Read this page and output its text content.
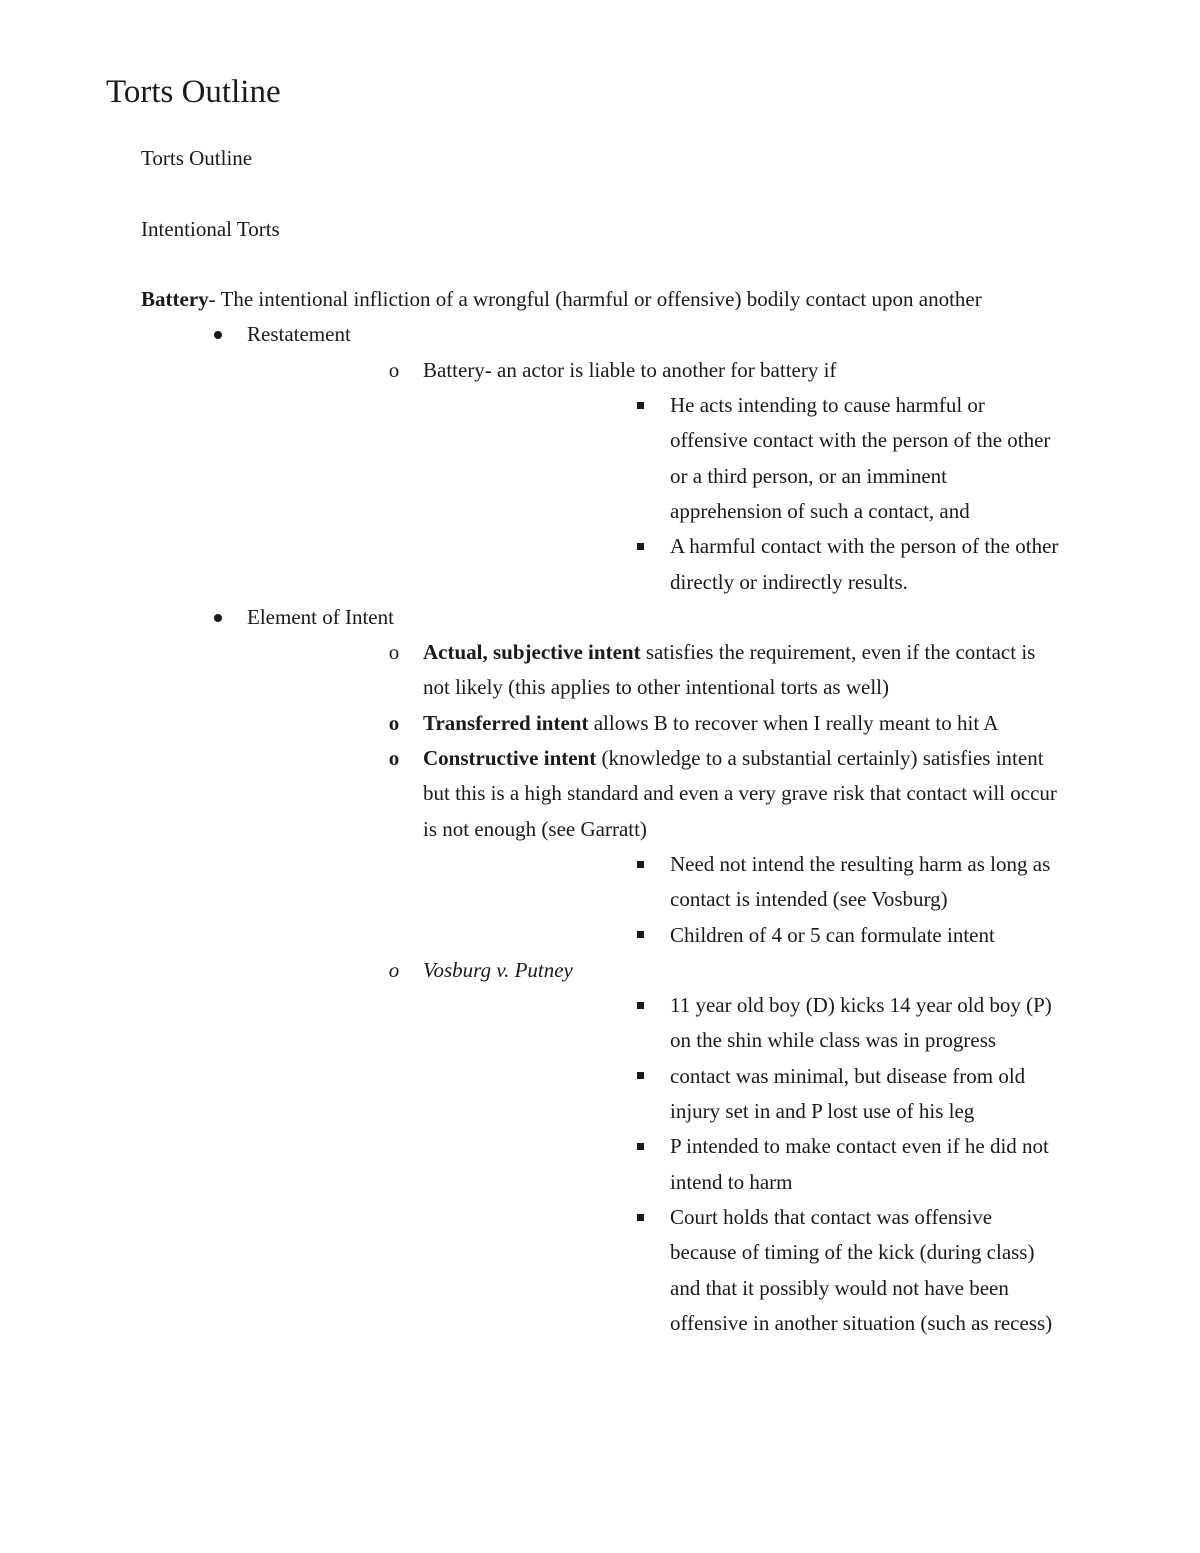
Torts Outline

Torts Outline

Intentional Torts

Battery- The intentional infliction of a wrongful (harmful or offensive) bodily contact upon another

Restatement
o Battery- an actor is liable to another for battery if
He acts intending to cause harmful or offensive contact with the person of the other or a third person, or an imminent apprehension of such a contact, and
A harmful contact with the person of the other directly or indirectly results.
Element of Intent
o Actual, subjective intent satisfies the requirement, even if the contact is not likely (this applies to other intentional torts as well)
o Transferred intent allows B to recover when I really meant to hit A
o Constructive intent (knowledge to a substantial certainly) satisfies intent but this is a high standard and even a very grave risk that contact will occur is not enough (see Garratt)
Need not intend the resulting harm as long as contact is intended (see Vosburg)
Children of 4 or 5 can formulate intent
o Vosburg v. Putney
11 year old boy (D) kicks 14 year old boy (P) on the shin while class was in progress
contact was minimal, but disease from old injury set in and P lost use of his leg
P intended to make contact even if he did not intend to harm
Court holds that contact was offensive because of timing of the kick (during class) and that it possibly would not have been offensive in another situation (such as recess)
